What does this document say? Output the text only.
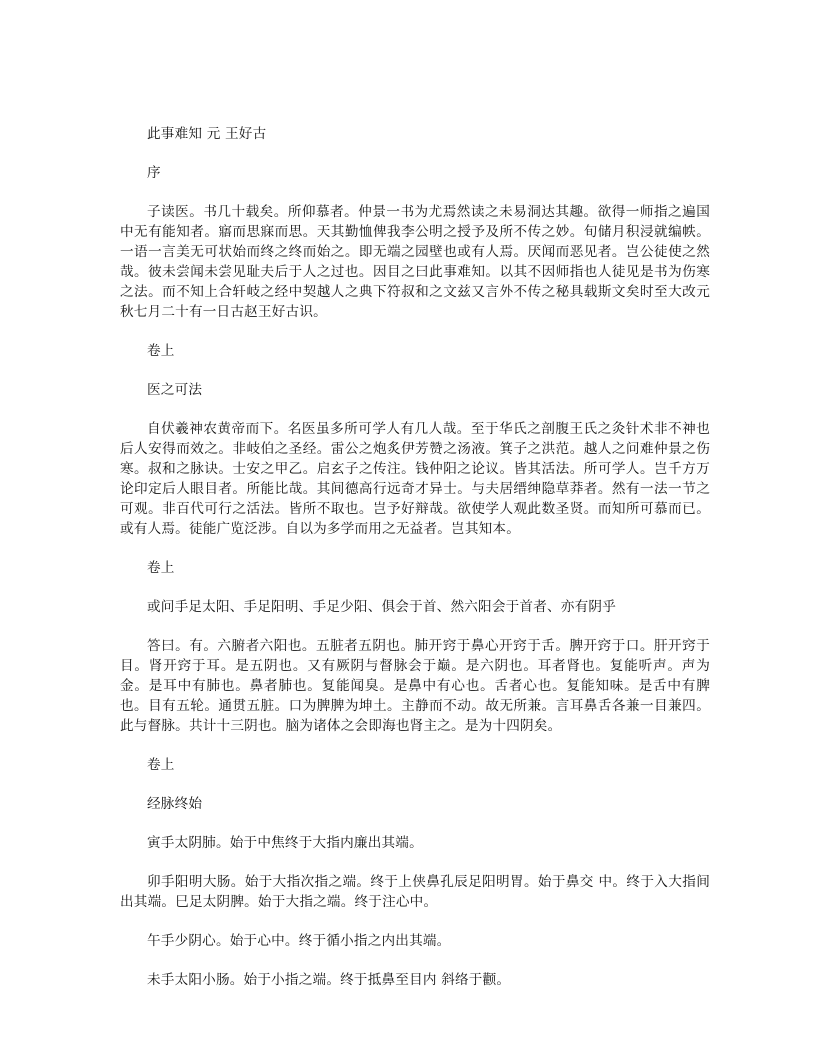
此事难知 元 王好古

序

子读医。书几十载矣。所仰慕者。仲景一书为尤焉然读之未易洞达其趣。欲得一师指之遍国中无有能知者。寤而思寐而思。天其勤恤俾我李公明之授予及所不传之妙。旬储月积浸就编帙。一语一言美无可状始而终之终而始之。即无端之园壁也或有人焉。厌闻而恶见者。岂公徒使之然哉。彼未尝闻未尝见耻夫后于人之过也。因目之曰此事难知。以其不因师指也人徒见是书为伤寒之法。而不知上合轩岐之经中契越人之典下符叔和之文兹又言外不传之秘具载斯文矣时至大改元秋七月二十有一日古赵王好古识。

卷上

医之可法

自伏羲神农黄帝而下。名医虽多所可学人有几人哉。至于华氏之剖腹王氏之灸针术非不神也后人安得而效之。非岐伯之圣经。雷公之炮炙伊芳赞之汤液。箕子之洪范。越人之问难仲景之伤寒。叔和之脉诀。士安之甲乙。启玄子之传注。钱仲阳之论议。皆其活法。所可学人。岂千方万论印定后人眼目者。所能比哉。其间德高行远奇才异士。与夫居缙绅隐草莽者。然有一法一节之可观。非百代可行之活法。皆所不取也。岂予好辩哉。欲使学人观此数圣贤。而知所可慕而已。或有人焉。徒能广览泛涉。自以为多学而用之无益者。岂其知本。

卷上

或问手足太阳、手足阳明、手足少阳、俱会于首、然六阳会于首者、亦有阴乎

答曰。有。六腑者六阳也。五脏者五阴也。肺开窍于鼻心开窍于舌。脾开窍于口。肝开窍于目。肾开窍于耳。是五阴也。又有厥阴与督脉会于巅。是六阴也。耳者肾也。复能听声。声为金。是耳中有肺也。鼻者肺也。复能闻臭。是鼻中有心也。舌者心也。复能知味。是舌中有脾也。目有五轮。通贯五脏。口为脾脾为坤土。主静而不动。故无所兼。言耳鼻舌各兼一目兼四。此与督脉。共计十三阴也。脑为诸体之会即海也肾主之。是为十四阴矣。

卷上

经脉终始

寅手太阴肺。始于中焦终于大指内廉出其端。

卯手阳明大肠。始于大指次指之端。终于上侠鼻孔辰足阳明胃。始于鼻交 中。终于入大指间出其端。巳足太阴脾。始于大指之端。终于注心中。

午手少阴心。始于心中。终于循小指之内出其端。

未手太阳小肠。始于小指之端。终于抵鼻至目内 斜络于颧。
